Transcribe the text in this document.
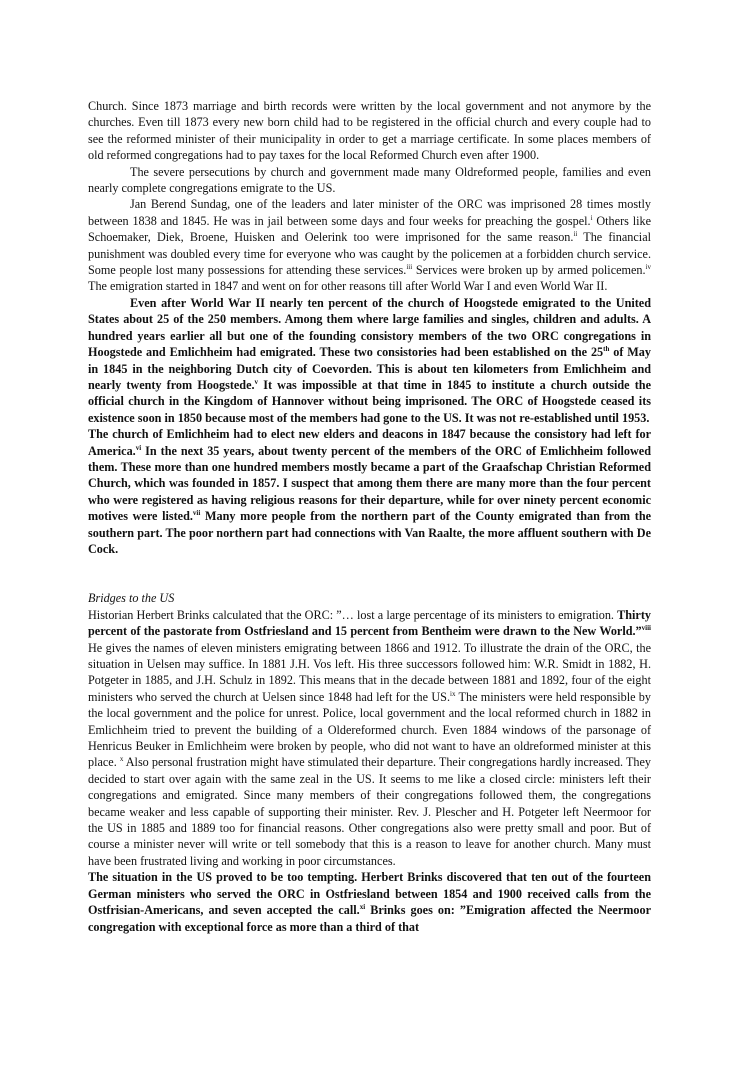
Church. Since 1873 marriage and birth records were written by the local government and not anymore by the churches. Even till 1873 every new born child had to be registered in the official church and every couple had to see the reformed minister of their municipality in order to get a marriage certificate. In some places members of old reformed congregations had to pay taxes for the local Reformed Church even after 1900.

The severe persecutions by church and government made many Oldreformed people, families and even nearly complete congregations emigrate to the US.

Jan Berend Sundag, one of the leaders and later minister of the ORC was imprisoned 28 times mostly between 1838 and 1845. He was in jail between some days and four weeks for preaching the gospel.$^i$ Others like Schoemaker, Diek, Broene, Huisken and Oelerink too were imprisoned for the same reason.$^{ii}$ The financial punishment was doubled every time for everyone who was caught by the policemen at a forbidden church service. Some people lost many possessions for attending these services.$^{iii}$ Services were broken up by armed policemen.$^{iv}$ The emigration started in 1847 and went on for other reasons till after World War I and even World War II.

Even after World War II nearly ten percent of the church of Hoogstede emigrated to the United States about 25 of the 250 members. Among them where large families and singles, children and adults. A hundred years earlier all but one of the founding consistory members of the two ORC congregations in Hoogstede and Emlichheim had emigrated. These two consistories had been established on the 25th of May in 1845 in the neighboring Dutch city of Coevorden. This is about ten kilometers from Emlichheim and nearly twenty from Hoogstede.$^v$ It was impossible at that time in 1845 to institute a church outside the official church in the Kingdom of Hannover without being imprisoned. The ORC of Hoogstede ceased its existence soon in 1850 because most of the members had gone to the US. It was not re-established until 1953.

The church of Emlichheim had to elect new elders and deacons in 1847 because the consistory had left for America.$^{vi}$ In the next 35 years, about twenty percent of the members of the ORC of Emlichheim followed them. These more than one hundred members mostly became a part of the Graafschap Christian Reformed Church, which was founded in 1857. I suspect that among them there are many more than the four percent who were registered as having religious reasons for their departure, while for over ninety percent economic motives were listed.$^{vii}$ Many more people from the northern part of the County emigrated than from the southern part. The poor northern part had connections with Van Raalte, the more affluent southern with De Cock.

Bridges to the US

Historian Herbert Brinks calculated that the ORC: ”… lost a large percentage of its ministers to emigration. Thirty percent of the pastorate from Ostfriesland and 15 percent from Bentheim were drawn to the New World.”$^{viii}$ He gives the names of eleven ministers emigrating between 1866 and 1912. To illustrate the drain of the ORC, the situation in Uelsen may suffice. In 1881 J.H. Vos left. His three successors followed him: W.R. Smidt in 1882, H. Potgeter in 1885, and J.H. Schulz in 1892. This means that in the decade between 1881 and 1892, four of the eight ministers who served the church at Uelsen since 1848 had left for the US.$^{ix}$ The ministers were held responsible by the local government and the police for unrest. Police, local government and the local reformed church in 1882 in Emlichheim tried to prevent the building of a Oldereformed church. Even 1884 windows of the parsonage of Henricus Beuker in Emlichheim were broken by people, who did not want to have an oldreformed minister at this place. $^x$ Also personal frustration might have stimulated their departure. Their congregations hardly increased. They decided to start over again with the same zeal in the US. It seems to me like a closed circle: ministers left their congregations and emigrated. Since many members of their congregations followed them, the congregations became weaker and less capable of supporting their minister. Rev. J. Plescher and H. Potgeter left Neermoor for the US in 1885 and 1889 too for financial reasons. Other congregations also were pretty small and poor. But of course a minister never will write or tell somebody that this is a reason to leave for another church. Many must have been frustrated living and working in poor circumstances.

The situation in the US proved to be too tempting. Herbert Brinks discovered that ten out of the fourteen German ministers who served the ORC in Ostfriesland between 1854 and 1900 received calls from the Ostfrisian-Americans, and seven accepted the call.$^{xi}$ Brinks goes on: ”Emigration affected the Neermoor congregation with exceptional force as more than a third of that
